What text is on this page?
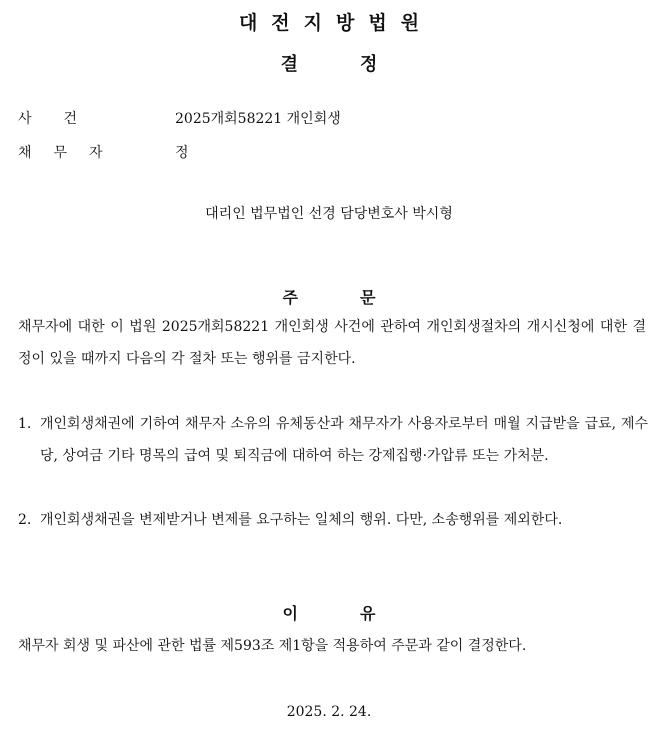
대전지방법원
결정
사건	2025개회58221 개인회생
채무자	정
대리인 법무법인 선경 담당변호사 박시형
주문
채무자에 대한 이 법원 2025개회58221 개인회생 사건에 관하여 개인회생절차의 개시신청에 대한 결정이 있을 때까지 다음의 각 절차 또는 행위를 금지한다.
1. 개인회생채권에 기하여 채무자 소유의 유체동산과 채무자가 사용자로부터 매월 지급받을 급료, 제수당, 상여금 기타 명목의 급여 및 퇴직금에 대하여 하는 강제집행·가압류 또는 가처분.
2. 개인회생채권을 변제받거나 변제를 요구하는 일체의 행위. 다만, 소송행위를 제외한다.
이유
채무자 회생 및 파산에 관한 법률 제593조 제1항을 적용하여 주문과 같이 결정한다.
2025. 2. 24.
